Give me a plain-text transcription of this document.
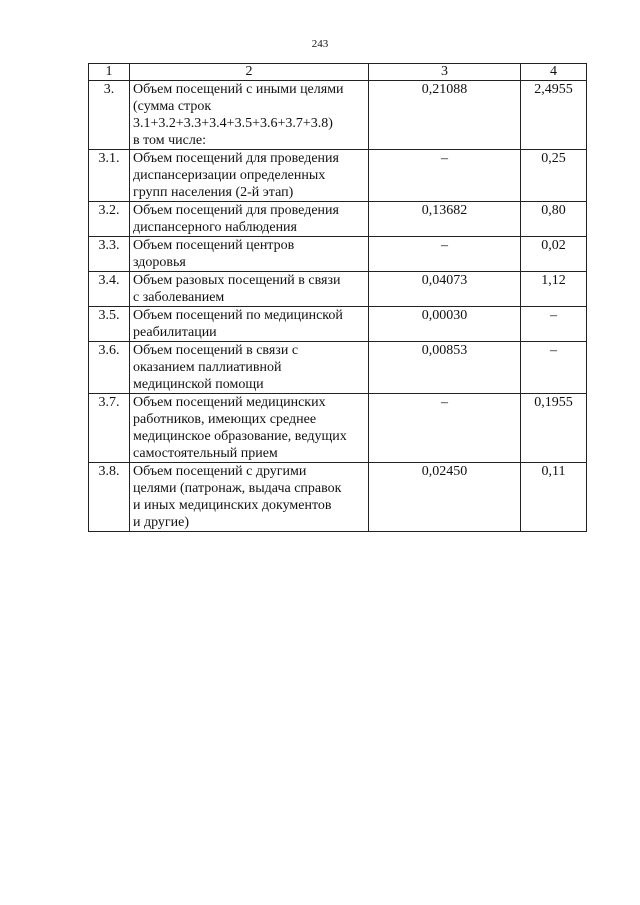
243
1	2	3	4
3.	Объем посещений с иными целями
(сумма строк
3.1+3.2+3.3+3.4+3.5+3.6+3.7+3.8)
в том числе:	0,21088	2,4955
3.1.	Объем посещений для проведения
диспансеризации определенных
групп населения (2-й этап)	–	0,25
3.2.	Объем посещений для проведения
диспансерного наблюдения	0,13682	0,80
3.3.	Объем посещений центров
здоровья	–	0,02
3.4.	Объем разовых посещений в связи
с заболеванием	0,04073	1,12
3.5.	Объем посещений по медицинской
реабилитации	0,00030	–
3.6.	Объем посещений в связи с
оказанием паллиативной
медицинской помощи	0,00853	–
3.7.	Объем посещений медицинских
работников, имеющих среднее
медицинское образование, ведущих
самостоятельный прием	–	0,1955
3.8.	Объем посещений с другими
целями (патронаж, выдача справок
и иных медицинских документов
и другие)	0,02450	0,11
